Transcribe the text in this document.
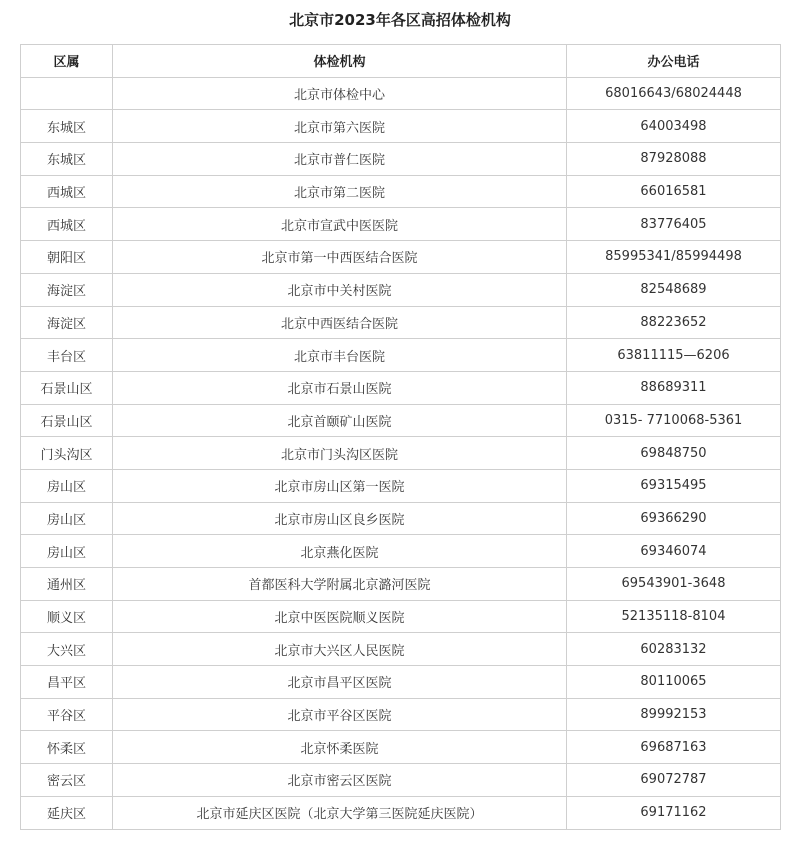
北京市2023年各区高招体检机构
区属	体检机构	办公电话
	北京市体检中心	68016643/68024448
东城区	北京市第六医院	64003498
东城区	北京市普仁医院	87928088
西城区	北京市第二医院	66016581
西城区	北京市宣武中医医院	83776405
朝阳区	北京市第一中西医结合医院	85995341/85994498
海淀区	北京市中关村医院	82548689
海淀区	北京中西医结合医院	88223652
丰台区	北京市丰台医院	63811115—6206
石景山区	北京市石景山医院	88689311
石景山区	北京首颐矿山医院	0315- 7710068-5361
门头沟区	北京市门头沟区医院	69848750
房山区	北京市房山区第一医院	69315495
房山区	北京市房山区良乡医院	69366290
房山区	北京燕化医院	69346074
通州区	首都医科大学附属北京潞河医院	69543901-3648
顺义区	北京中医医院顺义医院	52135118-8104
大兴区	北京市大兴区人民医院	60283132
昌平区	北京市昌平区医院	80110065
平谷区	北京市平谷区医院	89992153
怀柔区	北京怀柔医院	69687163
密云区	北京市密云区医院	69072787
延庆区	北京市延庆区医院（北京大学第三医院延庆医院）	69171162
